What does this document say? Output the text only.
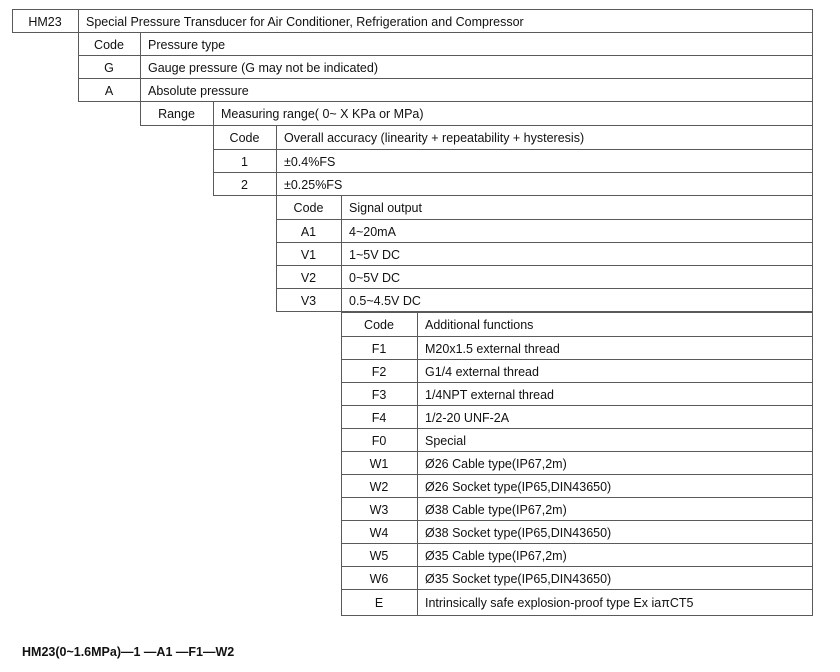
HM23	Special Pressure Transducer for Air Conditioner, Refrigeration and Compressor
Code	Pressure type
G	Gauge pressure (G may not be indicated)
A	Absolute pressure
Range	Measuring range( 0~ X KPa or MPa)
Code	Overall accuracy (linearity + repeatability + hysteresis)
1	±0.4%FS
2	±0.25%FS
Code	Signal output
A1	4~20mA
V1	1~5V DC
V2	0~5V DC
V3	0.5~4.5V DC
Code	Additional functions
F1	M20x1.5 external thread
F2	G1/4 external thread
F3	1/4NPT external thread
F4	1/2-20 UNF-2A
F0	Special
W1	Ø26 Cable type(IP67,2m)
W2	Ø26 Socket type(IP65,DIN43650)
W3	Ø38 Cable type(IP67,2m)
W4	Ø38 Socket type(IP65,DIN43650)
W5	Ø35 Cable type(IP67,2m)
W6	Ø35 Socket type(IP65,DIN43650)
E	Intrinsically safe explosion-proof type Ex iaπCT5
HM23(0~1.6MPa)—1 —A1 —F1—W2
